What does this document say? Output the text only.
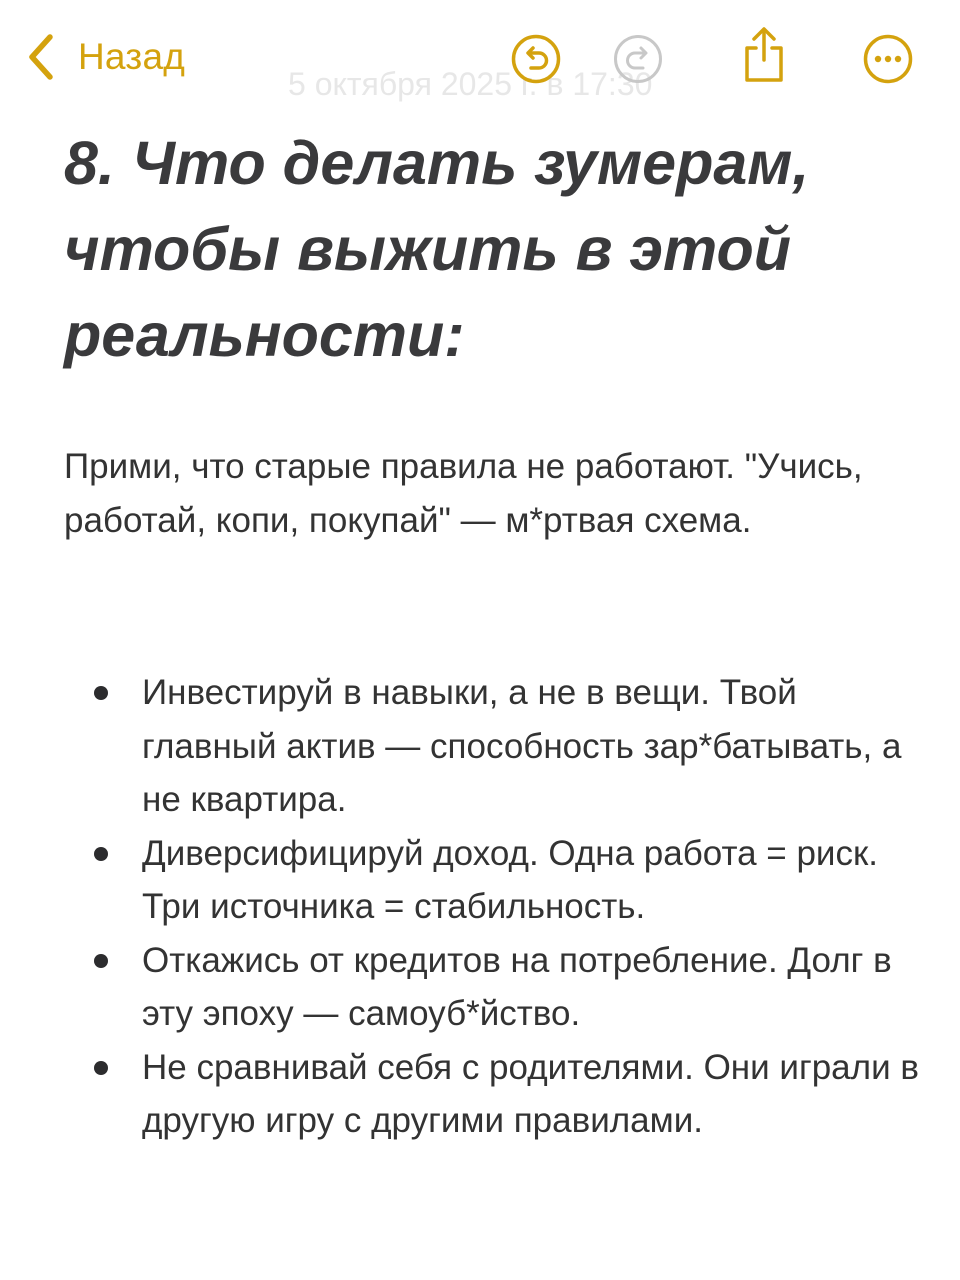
5 октября 2025 г. в 17:30
Назад
8. Что делать зумерам, чтобы выжить в этой реальности:

Прими, что старые правила не работают. "Учись, работай, копи, покупай" — м*ртвая схема.

Инвестируй в навыки, а не в вещи. Твой главный актив — способность зар*батывать, а не квартира.
Диверсифицируй доход. Одна работа = риск. Три источника = стабильность.
Откажись от кредитов на потребление. Долг в эту эпоху — самоуб*йство.
Не сравнивай себя с родителями. Они играли в другую игру с другими правилами.
